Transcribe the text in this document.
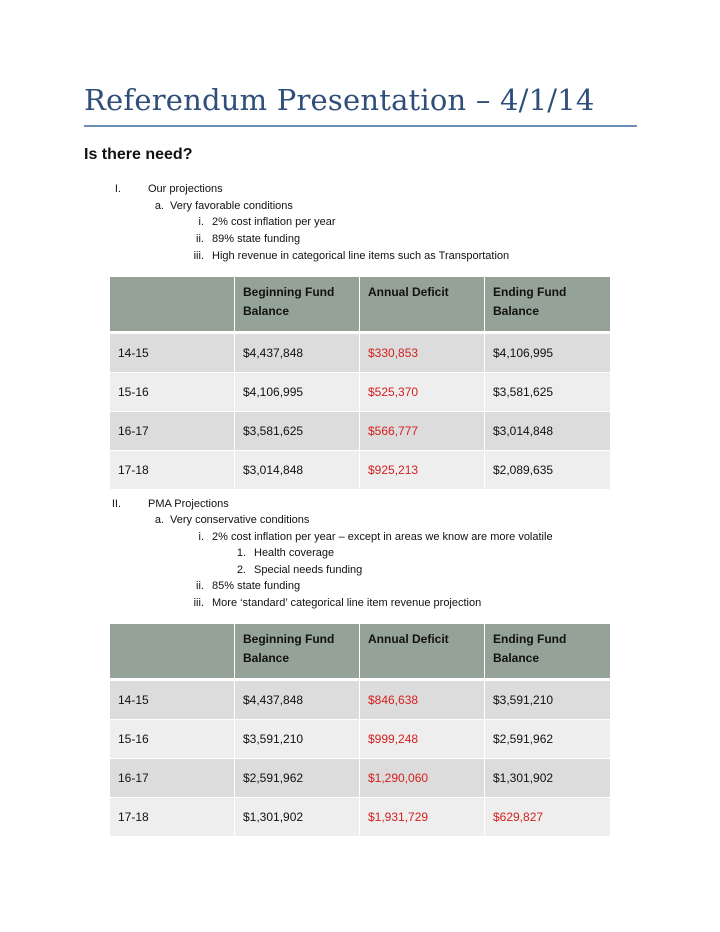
Referendum Presentation – 4/1/14
Is there need?
I. Our projections
a. Very favorable conditions
i. 2% cost inflation per year
ii. 89% state funding
iii. High revenue in categorical line items such as Transportation
	Beginning Fund Balance	Annual Deficit	Ending Fund Balance
14-15	$4,437,848	$330,853	$4,106,995
15-16	$4,106,995	$525,370	$3,581,625
16-17	$3,581,625	$566,777	$3,014,848
17-18	$3,014,848	$925,213	$2,089,635
II. PMA Projections
a. Very conservative conditions
i. 2% cost inflation per year – except in areas we know are more volatile
1. Health coverage
2. Special needs funding
ii. 85% state funding
iii. More ‘standard’ categorical line item revenue projection
	Beginning Fund Balance	Annual Deficit	Ending Fund Balance
14-15	$4,437,848	$846,638	$3,591,210
15-16	$3,591,210	$999,248	$2,591,962
16-17	$2,591,962	$1,290,060	$1,301,902
17-18	$1,301,902	$1,931,729	$629,827
